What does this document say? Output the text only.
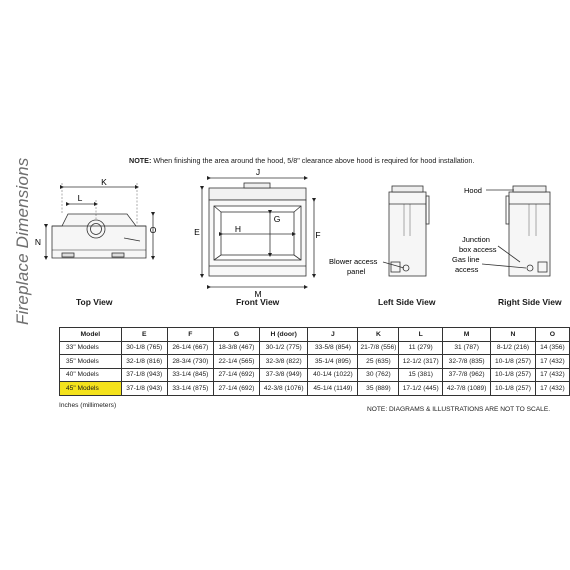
Fireplace Dimensions	NOTE: When finishing the area around the hood, 5/8" clearance above hood is required for hood installation.
K
L
N
O
J
E
G
H
F
M
Blower access
panel
Hood
Junction
box access
Gas line
access
Top View	Front View	Left Side View	Right Side View
Model	E	F	G	H (door)	J	K	L	M	N	O
33" Models	30-1/8 (765)	26-1/4 (667)	18-3/8 (467)	30-1/2 (775)	33-5/8 (854)	21-7/8 (556)	11 (279)	31 (787)	8-1/2 (216)	14 (356)
35" Models	32-1/8 (816)	28-3/4 (730)	22-1/4 (565)	32-3/8 (822)	35-1/4 (895)	25 (635)	12-1/2 (317)	32-7/8 (835)	10-1/8 (257)	17 (432)
40" Models	37-1/8 (943)	33-1/4 (845)	27-1/4 (692)	37-3/8 (949)	40-1/4 (1022)	30 (762)	15 (381)	37-7/8 (962)	10-1/8 (257)	17 (432)
45" Models	37-1/8 (943)	33-1/4 (875)	27-1/4 (692)	42-3/8 (1076)	45-1/4 (1149)	35 (889)	17-1/2 (445)	42-7/8 (1089)	10-1/8 (257)	17 (432)
Inches (millimeters)
NOTE: DIAGRAMS & ILLUSTRATIONS ARE NOT TO SCALE.
